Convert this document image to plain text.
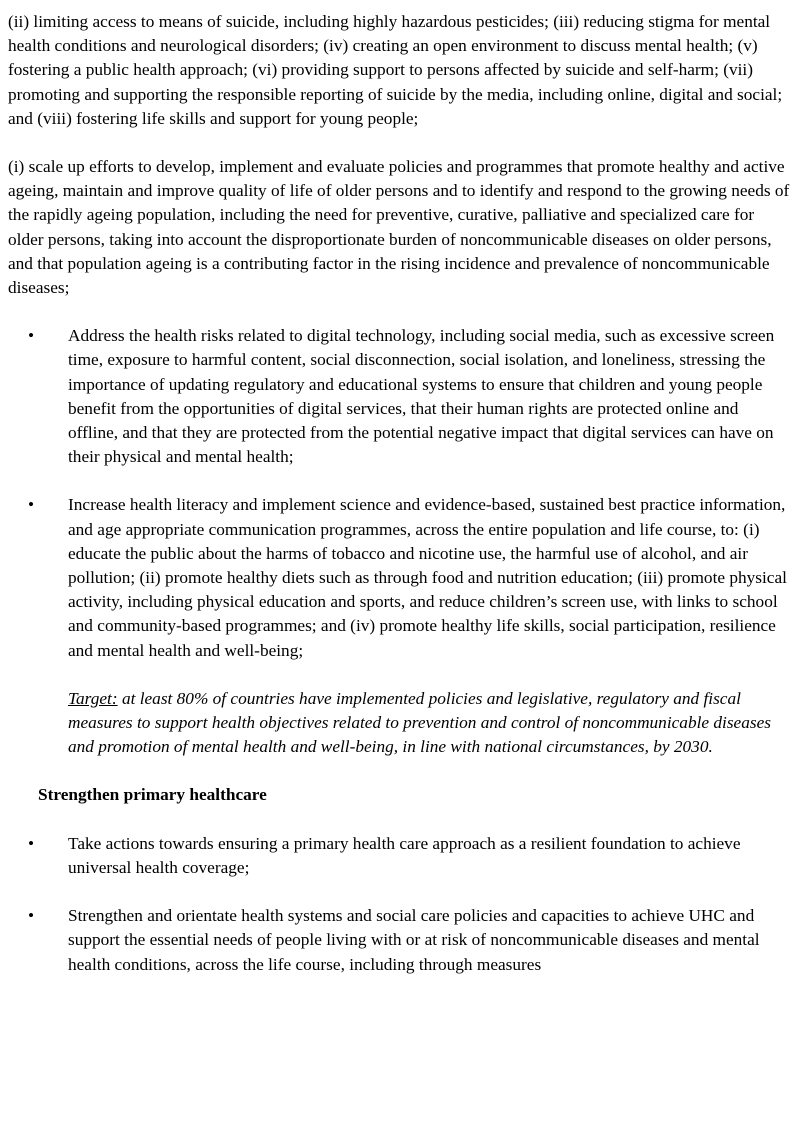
(ii) limiting access to means of suicide, including highly hazardous pesticides; (iii) reducing stigma for mental health conditions and neurological disorders; (iv) creating an open environment to discuss mental health; (v) fostering a public health approach; (vi) providing support to persons affected by suicide and self-harm; (vii) promoting and supporting the responsible reporting of suicide by the media, including online, digital and social; and (viii) fostering life skills and support for young people;

(i) scale up efforts to develop, implement and evaluate policies and programmes that promote healthy and active ageing, maintain and improve quality of life of older persons and to identify and respond to the growing needs of the rapidly ageing population, including the need for preventive, curative, palliative and specialized care for older persons, taking into account the disproportionate burden of noncommunicable diseases on older persons, and that population ageing is a contributing factor in the rising incidence and prevalence of noncommunicable diseases;

• Address the health risks related to digital technology, including social media, such as excessive screen time, exposure to harmful content, social disconnection, social isolation, and loneliness, stressing the importance of updating regulatory and educational systems to ensure that children and young people benefit from the opportunities of digital services, that their human rights are protected online and offline, and that they are protected from the potential negative impact that digital services can have on their physical and mental health;

• Increase health literacy and implement science and evidence-based, sustained best practice information, and age appropriate communication programmes, across the entire population and life course, to: (i) educate the public about the harms of tobacco and nicotine use, the harmful use of alcohol, and air pollution; (ii) promote healthy diets such as through food and nutrition education; (iii) promote physical activity, including physical education and sports, and reduce children’s screen use, with links to school and community-based programmes; and (iv) promote healthy life skills, social participation, resilience and mental health and well-being;

Target: at least 80% of countries have implemented policies and legislative, regulatory and fiscal measures to support health objectives related to prevention and control of noncommunicable diseases and promotion of mental health and well-being, in line with national circumstances, by 2030.

Strengthen primary healthcare

• Take actions towards ensuring a primary health care approach as a resilient foundation to achieve universal health coverage;

• Strengthen and orientate health systems and social care policies and capacities to achieve UHC and support the essential needs of people living with or at risk of noncommunicable diseases and mental health conditions, across the life course, including through measures
